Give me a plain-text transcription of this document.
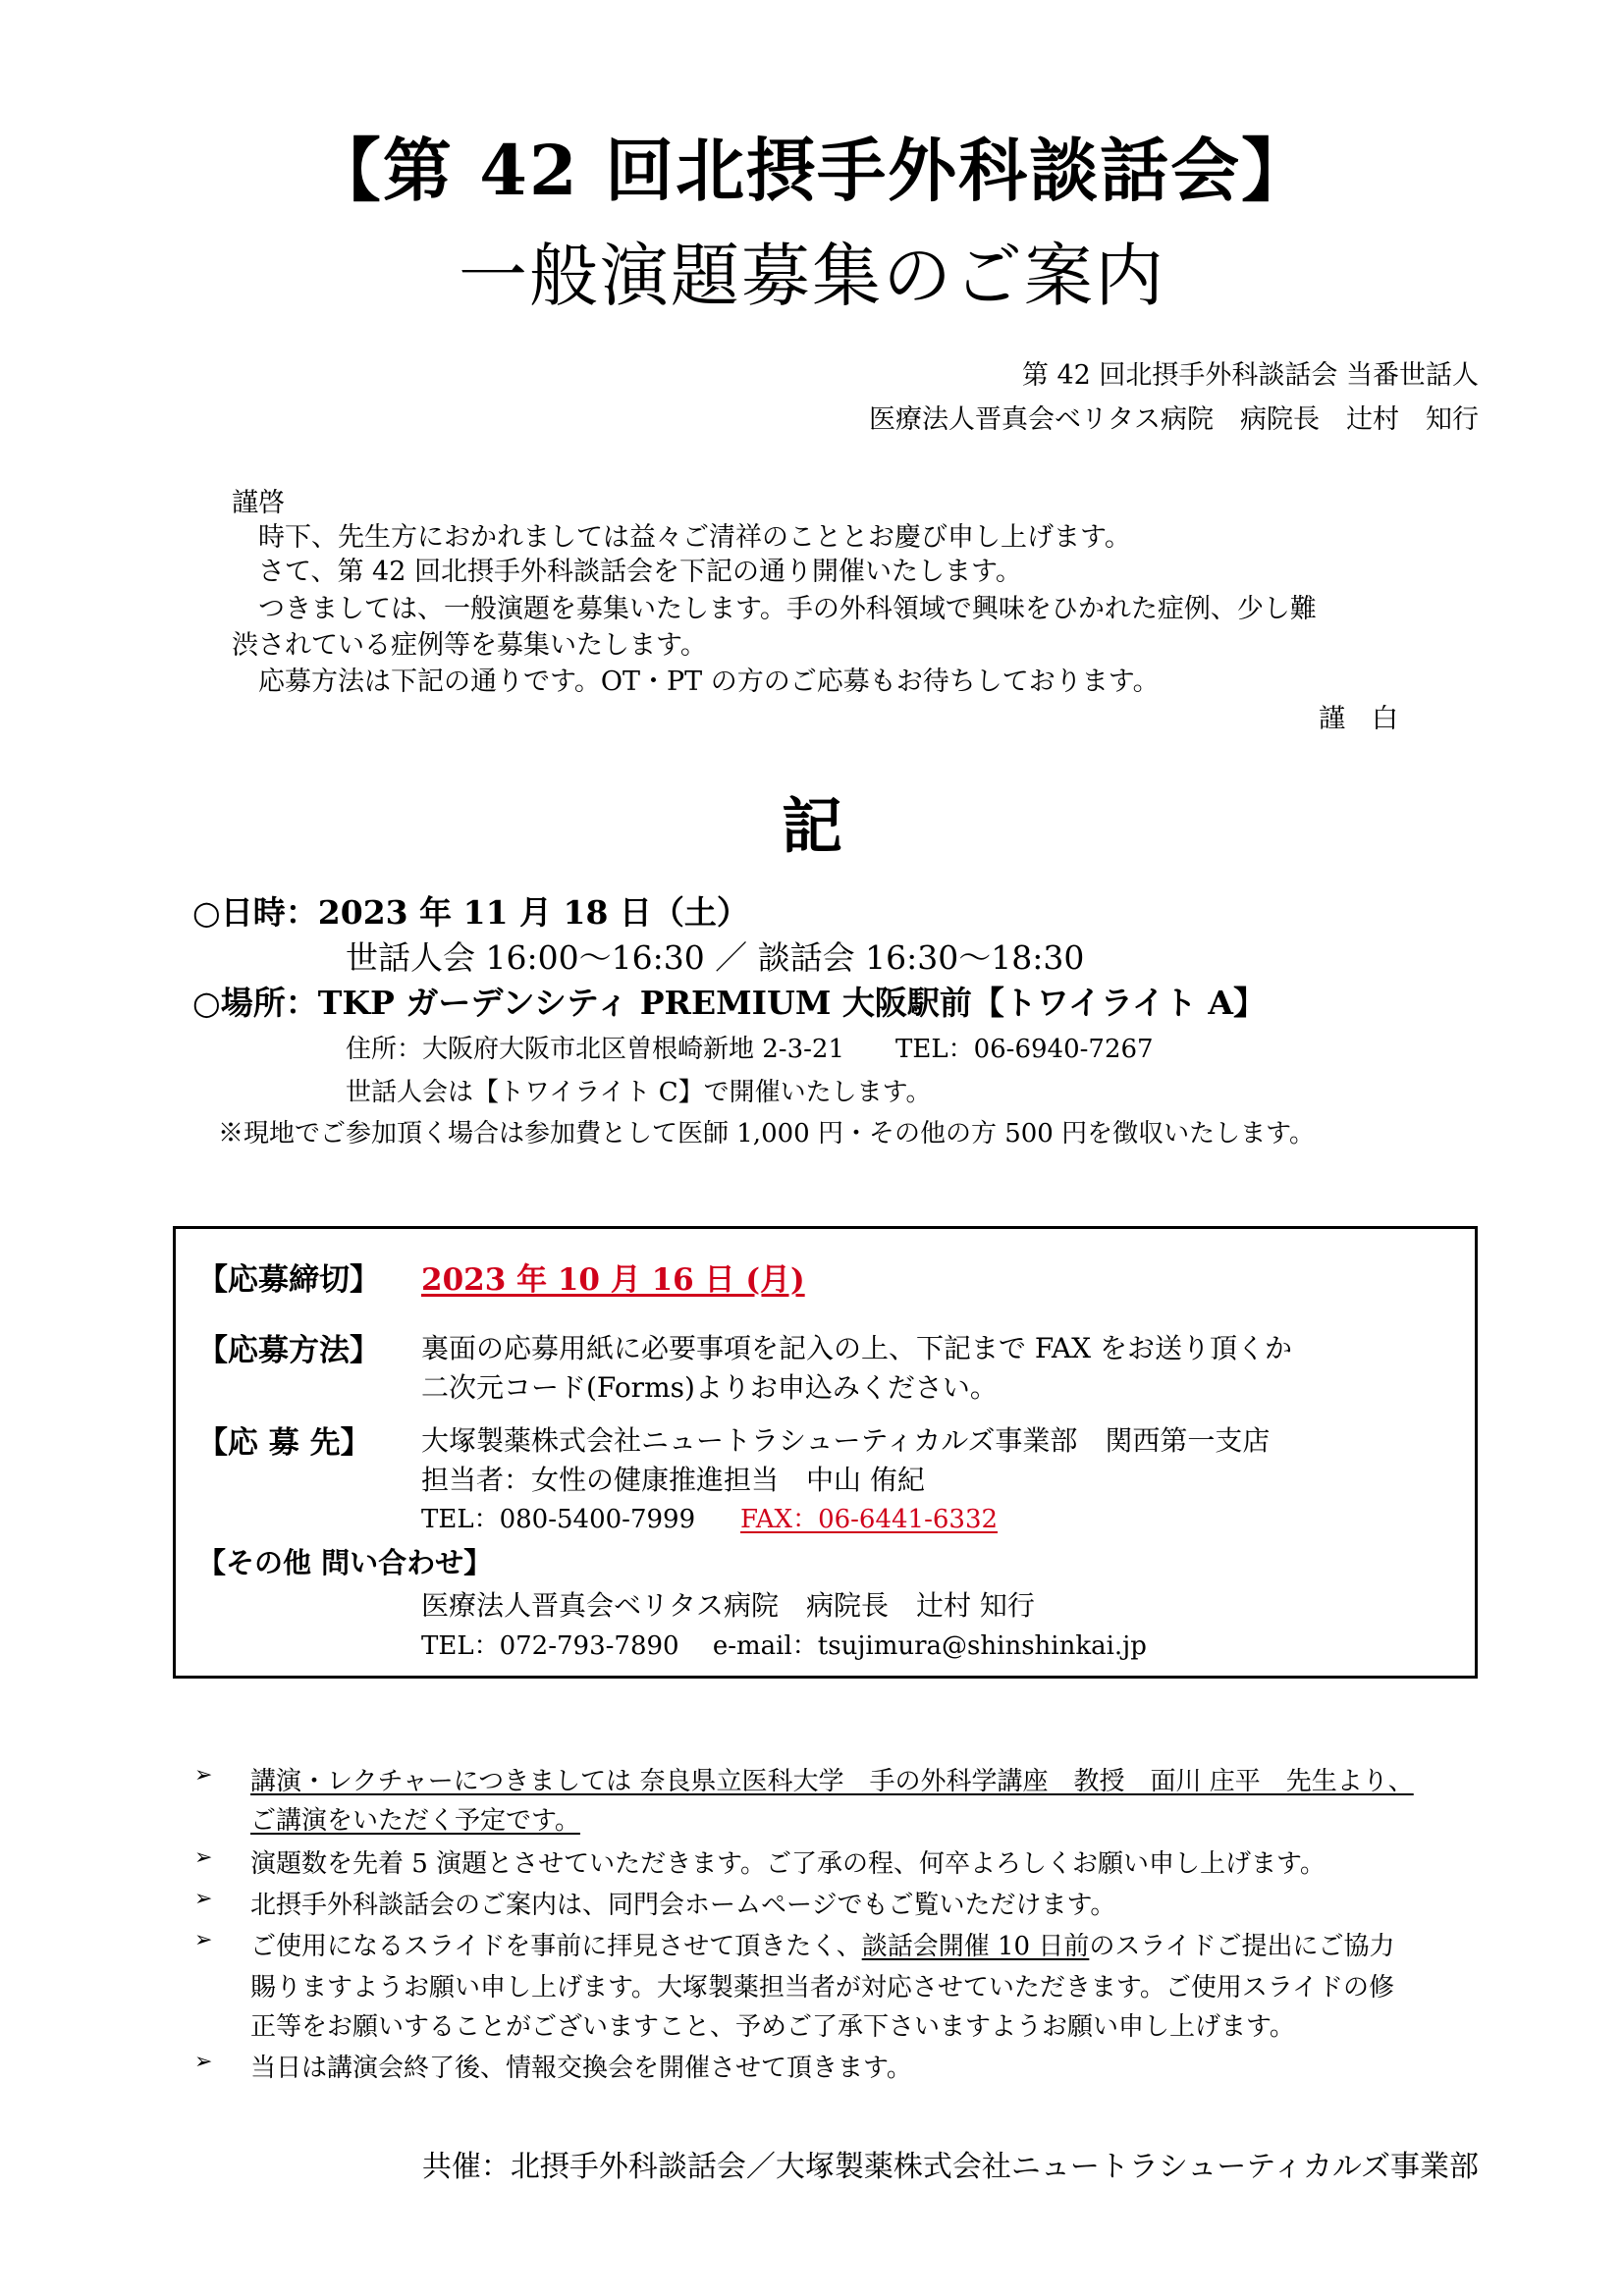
【第 42 回北摂手外科談話会】
一般演題募集のご案内
第 42 回北摂手外科談話会 当番世話人
医療法人晋真会ベリタス病院　病院長　辻村　知行
謹啓
　時下、先生方におかれましては益々ご清祥のこととお慶び申し上げます。
　さて、第 42 回北摂手外科談話会を下記の通り開催いたします。
　つきましては、一般演題を募集いたします。手の外科領域で興味をひかれた症例、少し難
渋されている症例等を募集いたします。
　応募方法は下記の通りです。OT・PT の方のご応募もお待ちしております。
謹　白
記
○日時：2023 年 11 月 18 日（土）
世話人会 16:00～16:30 ／ 談話会 16:30～18:30
○場所：TKP ガーデンシティ PREMIUM 大阪駅前【トワイライト A】
住所：大阪府大阪市北区曽根崎新地 2-3-21　　TEL：06-6940-7267
世話人会は【トワイライト C】で開催いたします。
※現地でご参加頂く場合は参加費として医師 1,000 円・その他の方 500 円を徴収いたします。
【応募締切】 2023 年 10 月 16 日 (月)
【応募方法】 裏面の応募用紙に必要事項を記入の上、下記まで FAX をお送り頂くか
二次元コード(Forms)よりお申込みください。
【応 募 先】 大塚製薬株式会社ニュートラシューティカルズ事業部　関西第一支店
担当者：女性の健康推進担当　中山 侑紀
TEL：080-5400-7999 FAX：06-6441-6332
【その他 問い合わせ】
医療法人晋真会ベリタス病院　病院長　辻村 知行
TEL：072-793-7890　 e-mail：tsujimura@shinshinkai.jp
➢ 講演・レクチャーにつきましては 奈良県立医科大学　手の外科学講座　教授　面川 庄平　先生より、
ご講演をいただく予定です。
➢ 演題数を先着 5 演題とさせていただきます。ご了承の程、何卒よろしくお願い申し上げます。
➢ 北摂手外科談話会のご案内は、同門会ホームページでもご覧いただけます。
➢ ご使用になるスライドを事前に拝見させて頂きたく、談話会開催 10 日前のスライドご提出にご協力
賜りますようお願い申し上げます。大塚製薬担当者が対応させていただきます。ご使用スライドの修
正等をお願いすることがございますこと、予めご了承下さいますようお願い申し上げます。
➢ 当日は講演会終了後、情報交換会を開催させて頂きます。
共催：北摂手外科談話会／大塚製薬株式会社ニュートラシューティカルズ事業部
